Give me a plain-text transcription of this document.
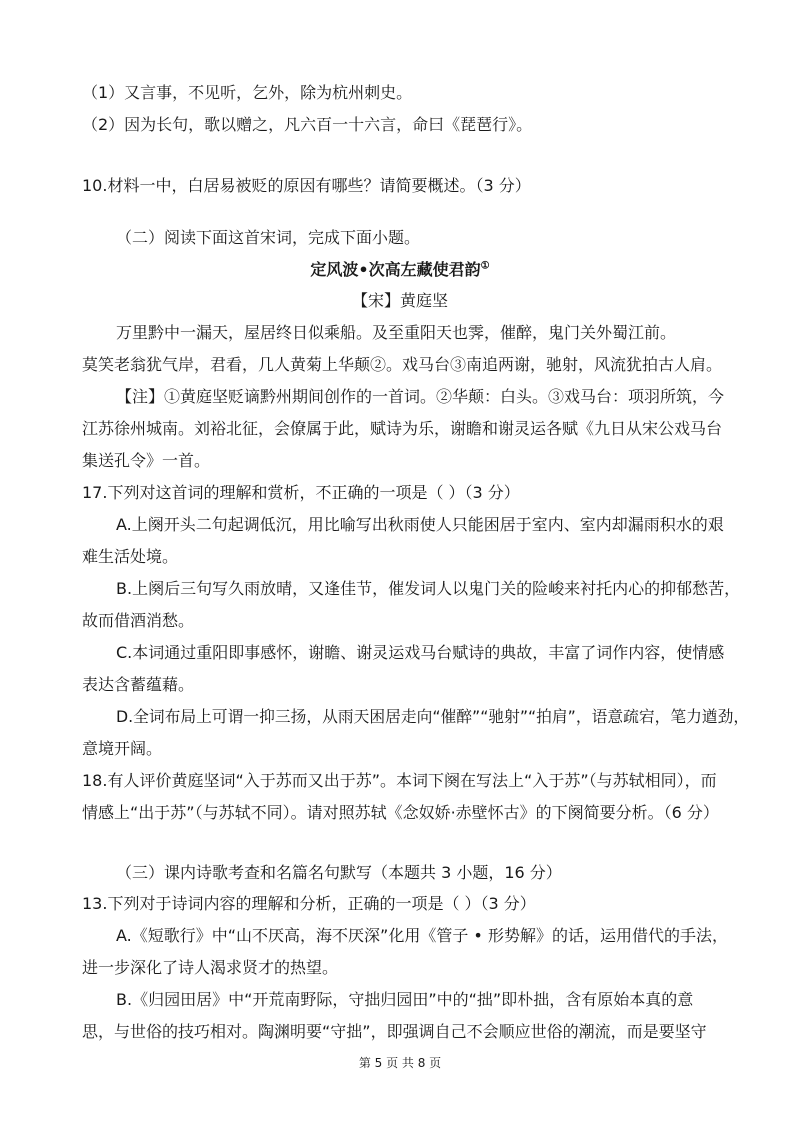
（1）又言事，不见听，乞外，除为杭州刺史。
（2）因为长句，歌以赠之，凡六百一十六言，命曰《琵琶行》。
10.材料一中，白居易被贬的原因有哪些？请简要概述。（3 分）
（二）阅读下面这首宋词，完成下面小题。
定风波•次高左藏使君韵①
【宋】黄庭坚
万里黔中一漏天，屋居终日似乘船。及至重阳天也霁，催醉，鬼门关外蜀江前。
莫笑老翁犹气岸，君看，几人黄菊上华颠②。戏马台③南追两谢，驰射，风流犹拍古人肩。
【注】①黄庭坚贬谪黔州期间创作的一首词。②华颠：白头。③戏马台：项羽所筑，今
江苏徐州城南。刘裕北征，会僚属于此，赋诗为乐，谢瞻和谢灵运各赋《九日从宋公戏马台
集送孔令》一首。
17.下列对这首词的理解和赏析，不正确的一项是（ ）（3 分）
A.上阕开头二句起调低沉，用比喻写出秋雨使人只能困居于室内、室内却漏雨积水的艰
难生活处境。
B.上阕后三句写久雨放晴，又逢佳节，催发词人以鬼门关的险峻来衬托内心的抑郁愁苦，
故而借酒消愁。
C.本词通过重阳即事感怀，谢瞻、谢灵运戏马台赋诗的典故，丰富了词作内容，使情感
表达含蓄蕴藉。
D.全词布局上可谓一抑三扬，从雨天困居走向“催醉”“驰射”“拍肩”，语意疏宕，笔力遒劲，
意境开阔。
18.有人评价黄庭坚词“入于苏而又出于苏”。本词下阕在写法上“入于苏”（与苏轼相同），而
情感上“出于苏”（与苏轼不同）。请对照苏轼《念奴娇·赤壁怀古》的下阕简要分析。（6 分）
（三）课内诗歌考查和名篇名句默写（本题共 3 小题，16 分）
13.下列对于诗词内容的理解和分析，正确的一项是（ ）（3 分）
A.《短歌行》中“山不厌高，海不厌深”化用《管子 • 形势解》的话，运用借代的手法，
进一步深化了诗人渴求贤才的热望。
B.《归园田居》中“开荒南野际，守拙归园田”中的“拙”即朴拙，含有原始本真的意
思，与世俗的技巧相对。陶渊明要“守拙”，即强调自己不会顺应世俗的潮流，而是要坚守
第 5 页 共 8 页
